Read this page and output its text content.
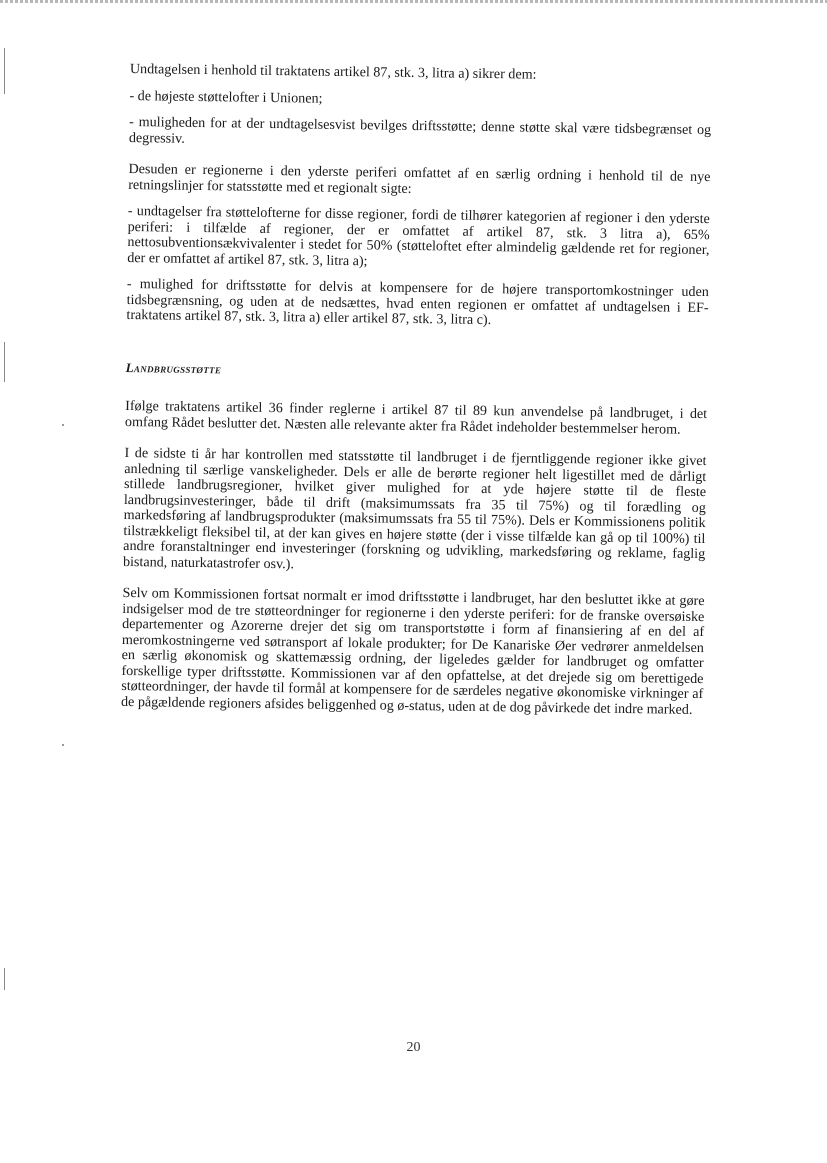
Undtagelsen i henhold til traktatens artikel 87, stk. 3, litra a) sikrer dem:

- de højeste støttelofter i Unionen;

- muligheden for at der undtagelsesvist bevilges driftsstøtte; denne støtte skal være tidsbegrænset og degressiv.

Desuden er regionerne i den yderste periferi omfattet af en særlig ordning i henhold til de nye retningslinjer for statsstøtte med et regionalt sigte:

- undtagelser fra støttelofterne for disse regioner, fordi de tilhører kategorien af regioner i den yderste periferi: i tilfælde af regioner, der er omfattet af artikel 87, stk. 3 litra a), 65% nettosubventionsækvivalenter i stedet for 50% (støtteloftet efter almindelig gældende ret for regioner, der er omfattet af artikel 87, stk. 3, litra a);

- mulighed for driftsstøtte for delvis at kompensere for de højere transportomkostninger uden tidsbegrænsning, og uden at de nedsættes, hvad enten regionen er omfattet af undtagelsen i EF-traktatens artikel 87, stk. 3, litra a) eller artikel 87, stk. 3, litra c).

Landbrugsstøtte

Ifølge traktatens artikel 36 finder reglerne i artikel 87 til 89 kun anvendelse på landbruget, i det omfang Rådet beslutter det. Næsten alle relevante akter fra Rådet indeholder bestemmelser herom.

I de sidste ti år har kontrollen med statsstøtte til landbruget i de fjerntliggende regioner ikke givet anledning til særlige vanskeligheder. Dels er alle de berørte regioner helt ligestillet med de dårligt stillede landbrugsregioner, hvilket giver mulighed for at yde højere støtte til de fleste landbrugsinvesteringer, både til drift (maksimumssats fra 35 til 75%) og til forædling og markedsføring af landbrugsprodukter (maksimumssats fra 55 til 75%). Dels er Kommissionens politik tilstrækkeligt fleksibel til, at der kan gives en højere støtte (der i visse tilfælde kan gå op til 100%) til andre foranstaltninger end investeringer (forskning og udvikling, markedsføring og reklame, faglig bistand, naturkatastrofer osv.).

Selv om Kommissionen fortsat normalt er imod driftsstøtte i landbruget, har den besluttet ikke at gøre indsigelser mod de tre støtteordninger for regionerne i den yderste periferi: for de franske oversøiske departementer og Azorerne drejer det sig om transportstøtte i form af finansiering af en del af meromkostningerne ved søtransport af lokale produkter; for De Kanariske Øer vedrører anmeldelsen en særlig økonomisk og skattemæssig ordning, der ligeledes gælder for landbruget og omfatter forskellige typer driftsstøtte. Kommissionen var af den opfattelse, at det drejede sig om berettigede støtteordninger, der havde til formål at kompensere for de særdeles negative økonomiske virkninger af de pågældende regioners afsides beliggenhed og ø-status, uden at de dog påvirkede det indre marked.

20
